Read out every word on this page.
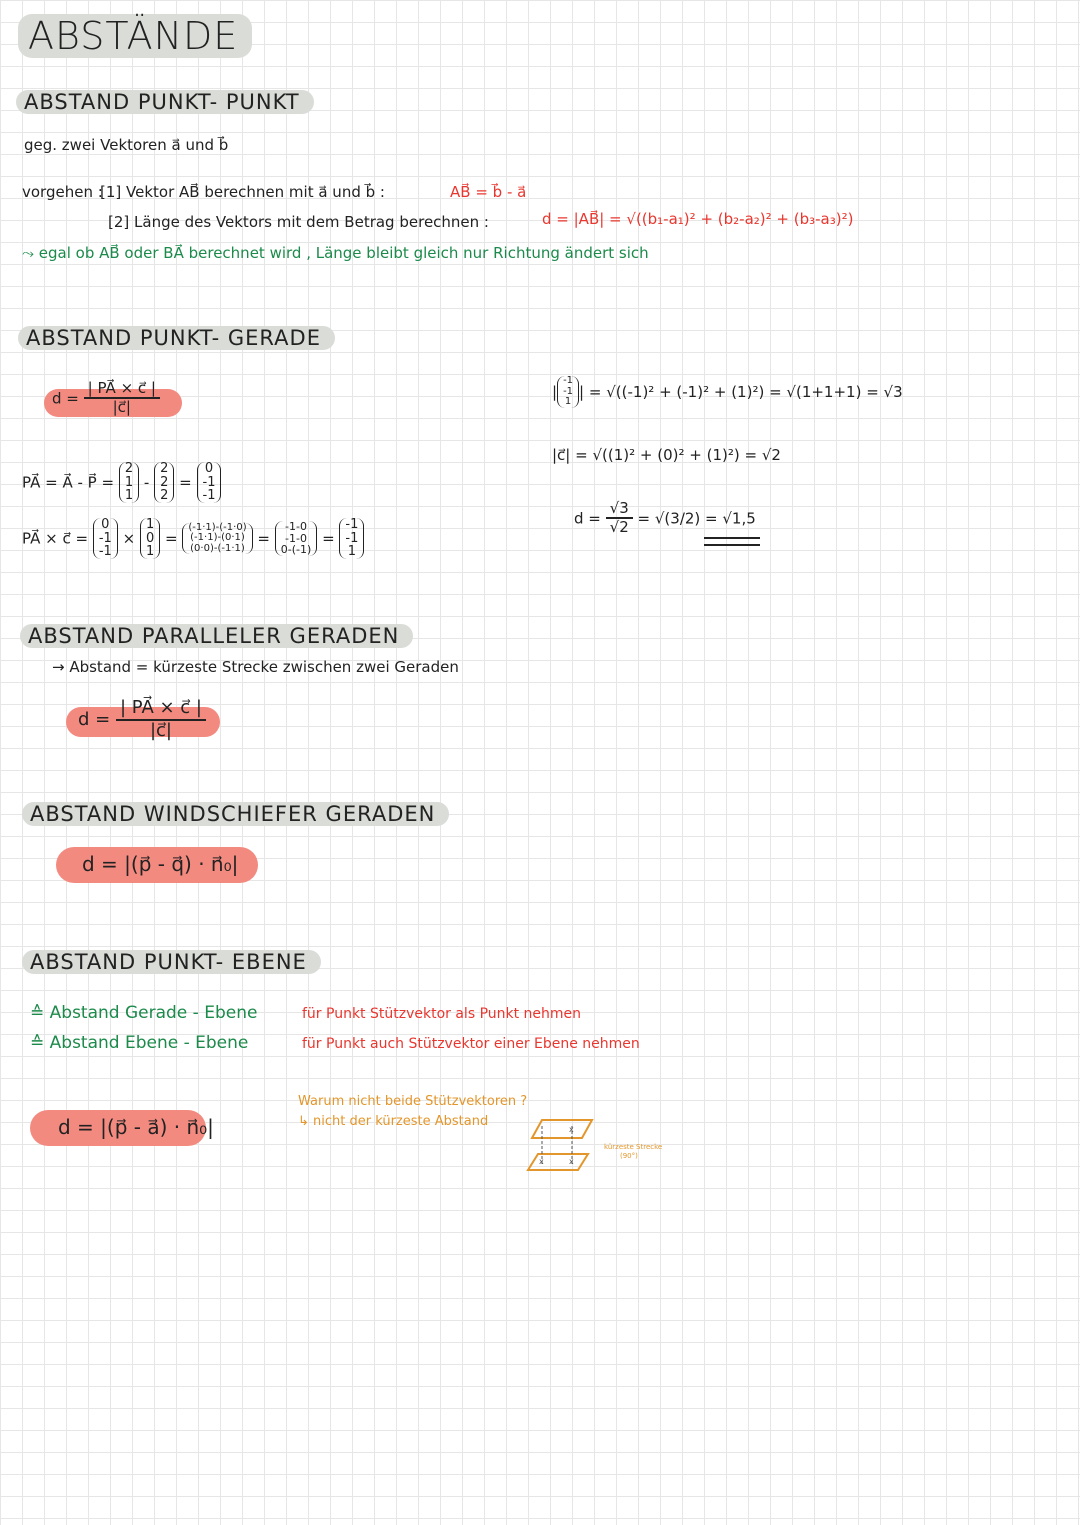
ABSTÄNDE
ABSTAND PUNKT- PUNKT
geg. zwei Vektoren a⃗ und b⃗
vorgehen :
[1] Vektor AB⃗ berechnen mit a⃗ und b⃗ :	AB⃗ = b⃗ - a⃗
[2] Länge des Vektors mit dem Betrag berechnen :	d = |AB⃗| = √((b₁-a₁)² + (b₂-a₂)² + (b₃-a₃)²)
⤳ egal ob AB⃗ oder BA⃗ berechnet wird , Länge bleibt gleich nur Richtung ändert sich
ABSTAND PUNKT- GERADE
$d = \frac{| PA⃗ \times c⃗ |}{|c⃗|}$
PA⃗ = A⃗ - P⃗ =
2
1
1
-
2
2
2
=
0
-1
-1
PA⃗ × c⃗ =
0
-1
-1
×
1
0
1
=
(-1·1)-(-1·0)
(-1·1)-(0·1)
(0·0)-(-1·1)
=
-1-0
-1-0
0-(-1)
=
-1
-1
1
|
-1
-1
1
| = √((-1)² + (-1)² + (1)²) = √(1+1+1) = √3
|c⃗| = √((1)² + (0)² + (1)²) = √2
$d = \frac{√3}{√2} = √(3/2) = √1,5$
ABSTAND PARALLELER GERADEN
→ Abstand = kürzeste Strecke zwischen zwei Geraden
$d = \frac{| PA⃗ \times c⃗ |}{|c⃗|}$
ABSTAND WINDSCHIEFER GERADEN
d = |(p⃗ - q⃗) · n⃗₀|
ABSTAND PUNKT- EBENE
≙ Abstand Gerade - Ebene	für Punkt Stützvektor als Punkt nehmen
≙ Abstand Ebene - Ebene	für Punkt auch Stützvektor einer Ebene nehmen
d = |(p⃗ - a⃗) · n⃗₀|
Warum nicht beide Stützvektoren ?
↳ nicht der kürzeste Abstand
x
x	x
kürzeste Strecke
(90°)
